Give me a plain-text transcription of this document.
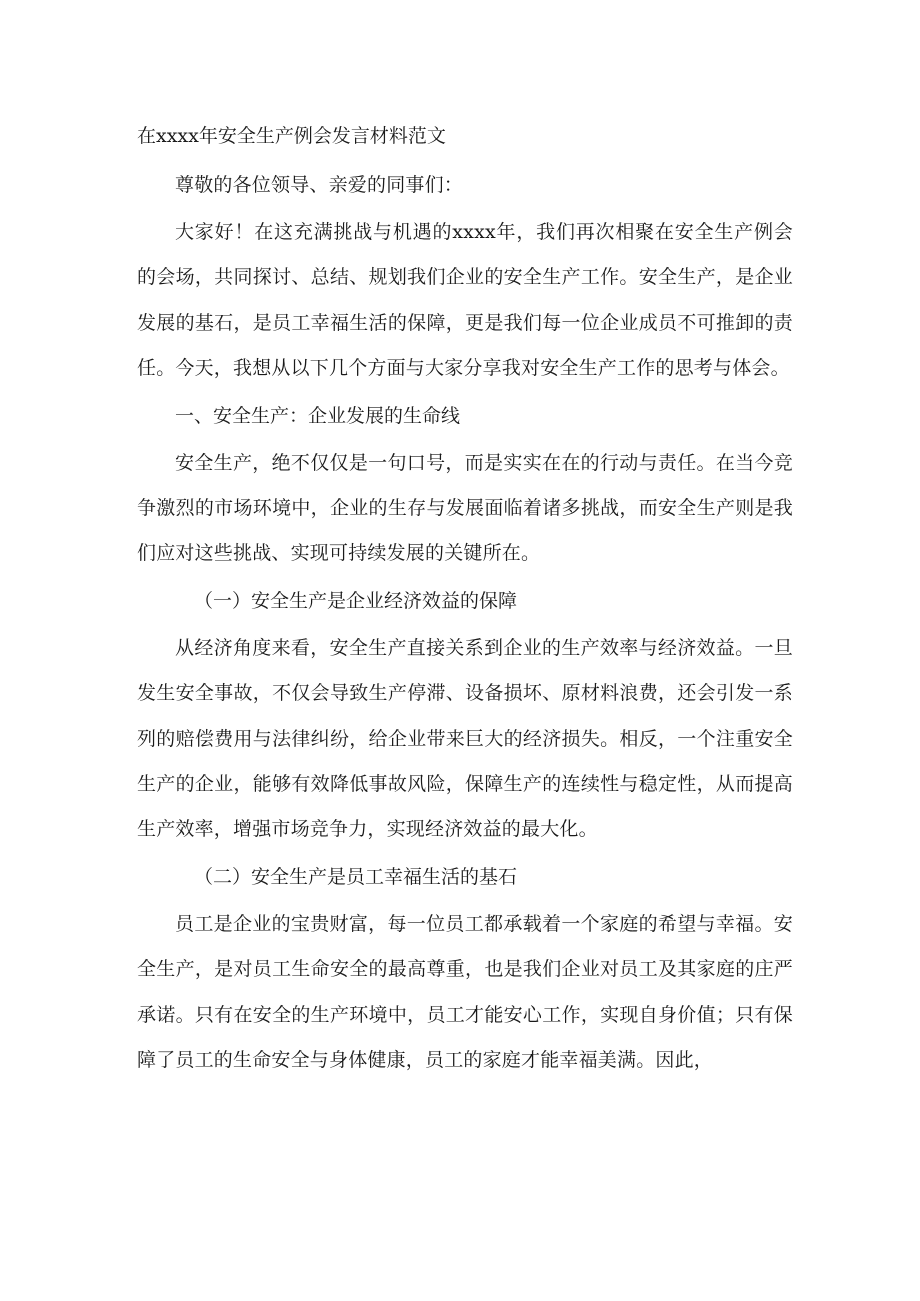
在xxxx年安全生产例会发言材料范文

尊敬的各位领导、亲爱的同事们：

大家好！在这充满挑战与机遇的xxxx年，我们再次相聚在安全生产例会的会场，共同探讨、总结、规划我们企业的安全生产工作。安全生产，是企业发展的基石，是员工幸福生活的保障，更是我们每一位企业成员不可推卸的责任。今天，我想从以下几个方面与大家分享我对安全生产工作的思考与体会。

一、安全生产：企业发展的生命线

安全生产，绝不仅仅是一句口号，而是实实在在的行动与责任。在当今竞争激烈的市场环境中，企业的生存与发展面临着诸多挑战，而安全生产则是我们应对这些挑战、实现可持续发展的关键所在。

（一）安全生产是企业经济效益的保障

从经济角度来看，安全生产直接关系到企业的生产效率与经济效益。一旦发生安全事故，不仅会导致生产停滞、设备损坏、原材料浪费，还会引发一系列的赔偿费用与法律纠纷，给企业带来巨大的经济损失。相反，一个注重安全生产的企业，能够有效降低事故风险，保障生产的连续性与稳定性，从而提高生产效率，增强市场竞争力，实现经济效益的最大化。

（二）安全生产是员工幸福生活的基石

员工是企业的宝贵财富，每一位员工都承载着一个家庭的希望与幸福。安全生产，是对员工生命安全的最高尊重，也是我们企业对员工及其家庭的庄严承诺。只有在安全的生产环境中，员工才能安心工作，实现自身价值；只有保障了员工的生命安全与身体健康，员工的家庭才能幸福美满。因此，
